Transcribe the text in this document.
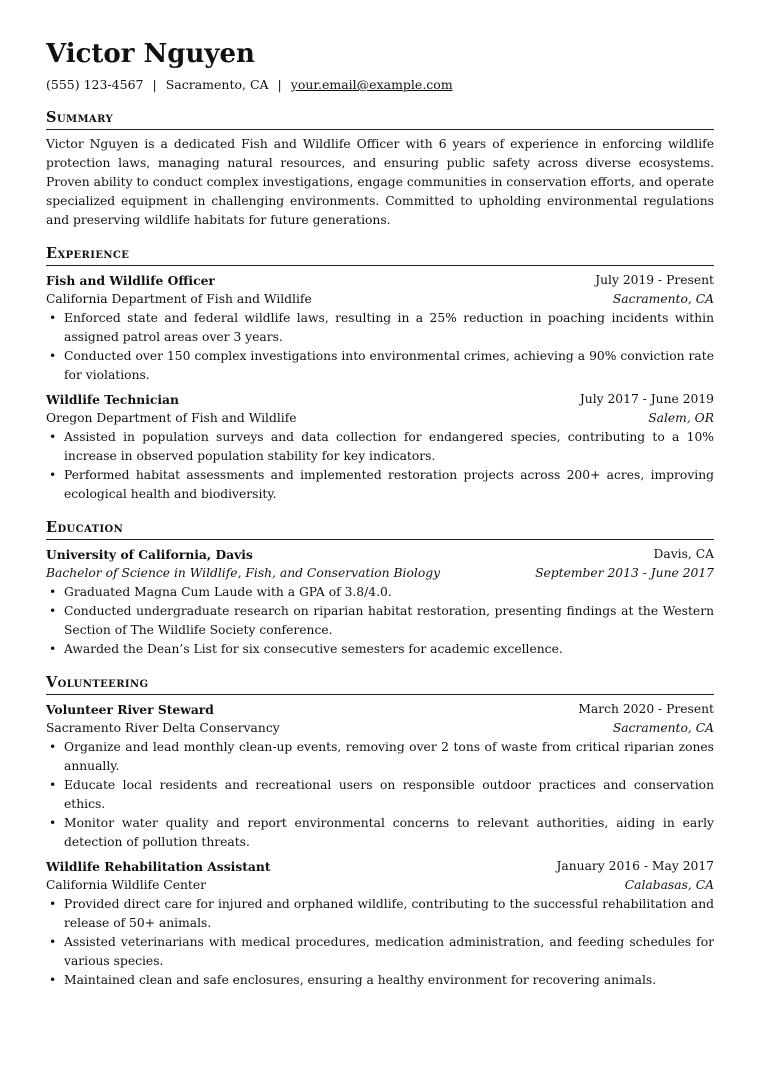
Victor Nguyen
(555) 123-4567 | Sacramento, CA | your.email@example.com
Summary
Victor Nguyen is a dedicated Fish and Wildlife Officer with 6 years of experience in enforcing wildlife protection laws, managing natural resources, and ensuring public safety across diverse ecosystems. Proven ability to conduct complex investigations, engage communities in conservation efforts, and operate specialized equipment in challenging environments. Committed to upholding environmental regulations and preserving wildlife habitats for future generations.
Experience
Fish and Wildlife Officer	July 2019 - Present
California Department of Fish and Wildlife	Sacramento, CA
• Enforced state and federal wildlife laws, resulting in a 25% reduction in poaching incidents within assigned patrol areas over 3 years.
• Conducted over 150 complex investigations into environmental crimes, achieving a 90% conviction rate for violations.
Wildlife Technician	July 2017 - June 2019
Oregon Department of Fish and Wildlife	Salem, OR
• Assisted in population surveys and data collection for endangered species, contributing to a 10% increase in observed population stability for key indicators.
• Performed habitat assessments and implemented restoration projects across 200+ acres, improving ecological health and biodiversity.
Education
University of California, Davis	Davis, CA
Bachelor of Science in Wildlife, Fish, and Conservation Biology	September 2013 - June 2017
• Graduated Magna Cum Laude with a GPA of 3.8/4.0.
• Conducted undergraduate research on riparian habitat restoration, presenting findings at the Western Section of The Wildlife Society conference.
• Awarded the Dean’s List for six consecutive semesters for academic excellence.
Volunteering
Volunteer River Steward	March 2020 - Present
Sacramento River Delta Conservancy	Sacramento, CA
• Organize and lead monthly clean-up events, removing over 2 tons of waste from critical riparian zones annually.
• Educate local residents and recreational users on responsible outdoor practices and conservation ethics.
• Monitor water quality and report environmental concerns to relevant authorities, aiding in early detection of pollution threats.
Wildlife Rehabilitation Assistant	January 2016 - May 2017
California Wildlife Center	Calabasas, CA
• Provided direct care for injured and orphaned wildlife, contributing to the successful rehabilitation and release of 50+ animals.
• Assisted veterinarians with medical procedures, medication administration, and feeding schedules for various species.
• Maintained clean and safe enclosures, ensuring a healthy environment for recovering animals.
